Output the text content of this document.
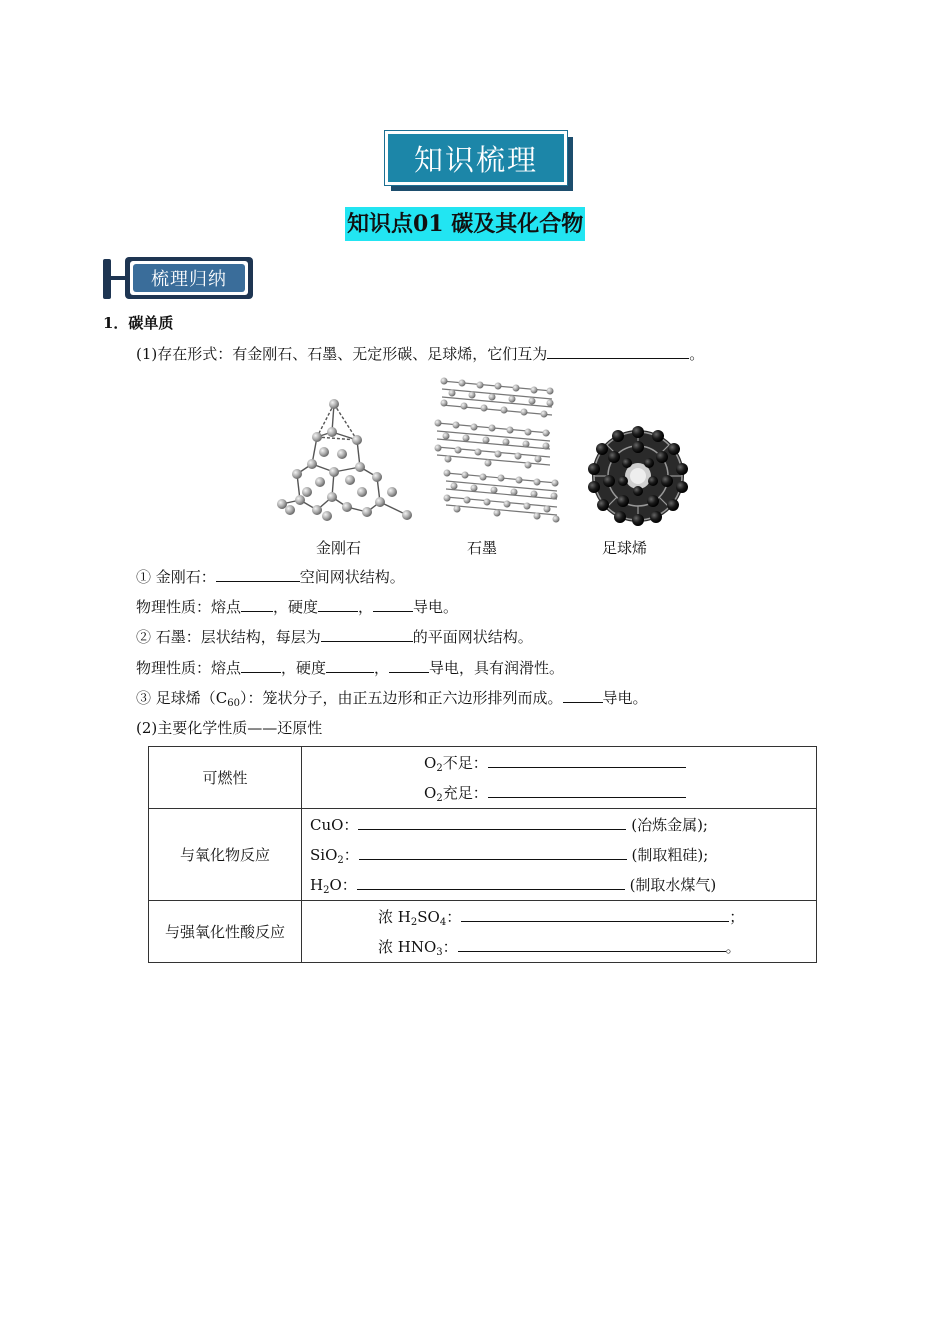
知识梳理
知识点01 碳及其化合物
梳理归纳
1．碳单质
(1)存在形式：有金刚石、石墨、无定形碳、足球烯，它们互为	。
金刚石	石墨	足球烯
① 金刚石：	空间网状结构。
物理性质：熔点 ，硬度	，	导电。
② 石墨：层状结构，每层为	的平面网状结构。
物理性质：熔点	，硬度	，	导电，具有润滑性。
③ 足球烯$(C_{60})$：笼状分子，由正五边形和正六边形排列而成。	导电。
(2)主要化学性质——还原性
可燃性	$O_2$不足：
$O_2$充足：

与氧化物反应	CuO： (冶炼金属);
SiO$_2$： (制取粗硅);
$H_2O$： (制取水煤气)

与强氧化性酸反应	浓 $H_2SO_4$： ；
浓 $HNO_3$： 。
